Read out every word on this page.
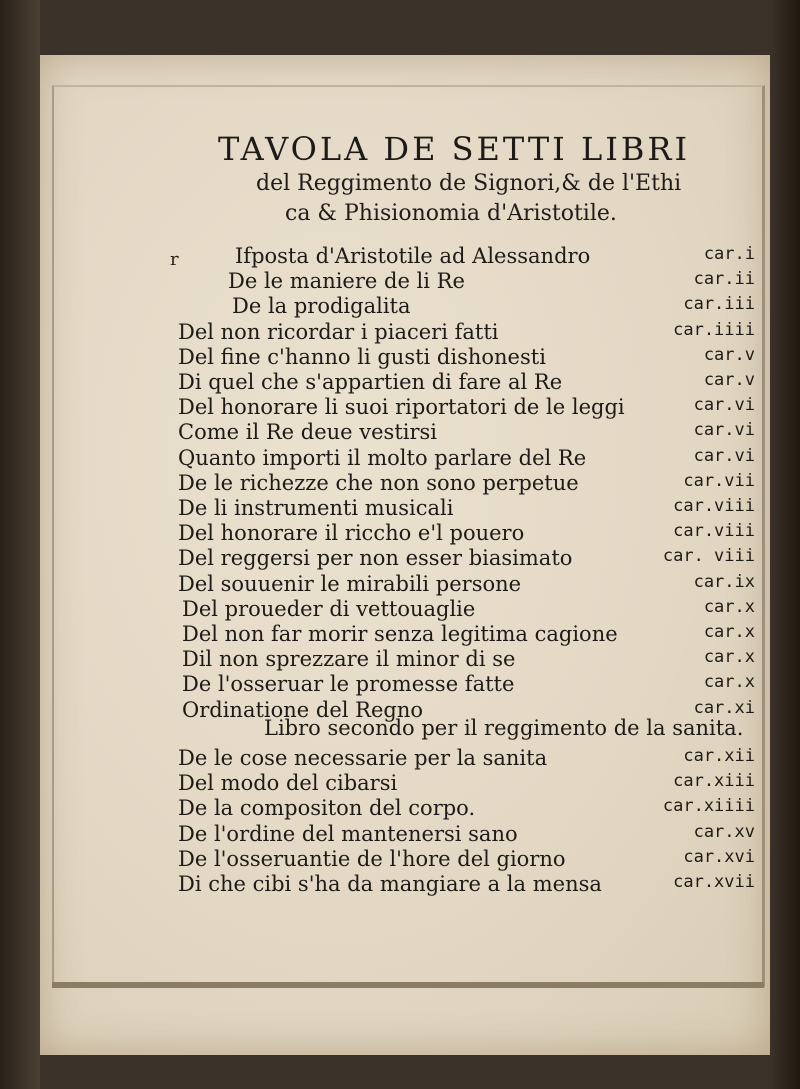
TAVOLA DE SETTI LIBRI
del Reggimento de Signori,& de l'Ethi
ca & Phisionomia d'Aristotile.
r	Ifposta d'Aristotile ad Alessandro	car.i
De le maniere de li Re	car.ii
De la prodigalita	car.iii
Del non ricordar i piaceri fatti	car.iiii
Del fine c'hanno li gusti dishonesti	car.v
Di quel che s'appartien di fare al Re	car.v
Del honorare li suoi riportatori de le leggi	car.vi
Come il Re deue vestirsi	car.vi
Quanto importi il molto parlare del Re	car.vi
De le richezze che non sono perpetue	car.vii
De li instrumenti musicali	car.viii
Del honorare il riccho e'l pouero	car.viii
Del reggersi per non esser biasimato	car. viii
Del souuenir le mirabili persone	car.ix
Del proueder di vettouaglie	car.x
Del non far morir senza legitima cagione	car.x
Dil non sprezzare il minor di se	car.x
De l'osseruar le promesse fatte	car.x
Ordinatione del Regno	car.xi
Libro secondo per il reggimento de la sanita.
De le cose necessarie per la sanita	car.xii
Del modo del cibarsi	car.xiii
De la compositon del corpo.	car.xiiii
De l'ordine del mantenersi sano	car.xv
De l'osseruantie de l'hore del giorno	car.xvi
Di che cibi s'ha da mangiare a la mensa	car.xvii
